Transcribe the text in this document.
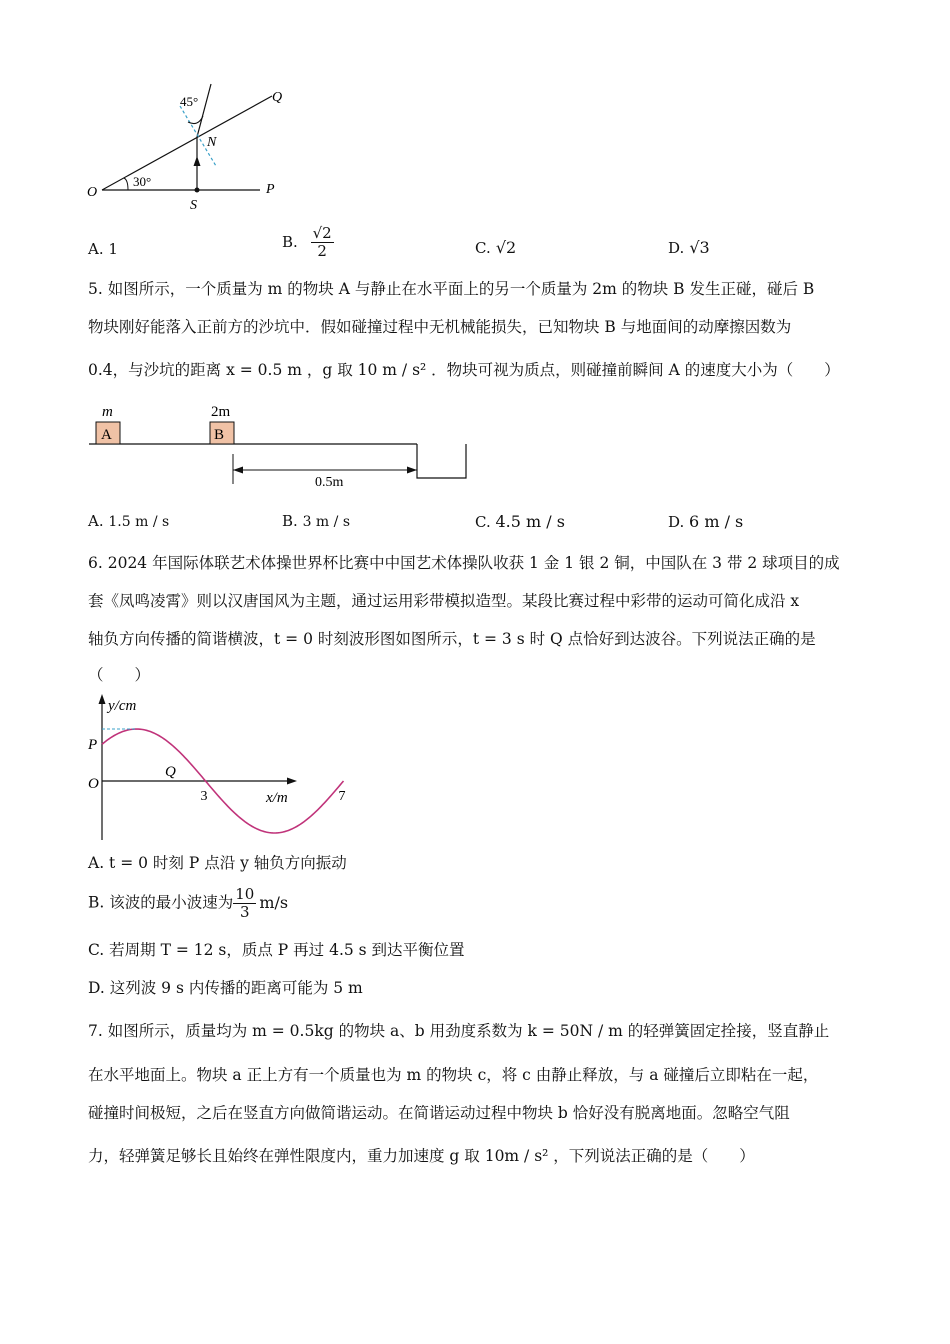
45°
30°
O	P
Q
N
S
A. 1	B. $\frac{√2}{2}$	C. √2	D. √3
5. 如图所示，一个质量为 m 的物块 A 与静止在水平面上的另一个质量为 2m 的物块 B 发生正碰，碰后 B
物块刚好能落入正前方的沙坑中．假如碰撞过程中无机械能损失，已知物块 B 与地面间的动摩擦因数为
0.4，与沙坑的距离 x = 0.5 m ，g 取 10 m / s² ．物块可视为质点，则碰撞前瞬间 A 的速度大小为（　　）
m
A
2m
B
0.5m
A. 1.5 m / s	B. 3 m / s	C. 4.5 m / s	D. 6 m / s
6. 2024 年国际体联艺术体操世界杯比赛中中国艺术体操队收获 1 金 1 银 2 铜，中国队在 3 带 2 球项目的成
套《凤鸣凌霄》则以汉唐国风为主题，通过运用彩带模拟造型。某段比赛过程中彩带的运动可简化成沿 x
轴负方向传播的简谐横波，t = 0 时刻波形图如图所示，t = 3 s 时 Q 点恰好到达波谷。下列说法正确的是
（　　）
y/cm
P
O
Q
3	7
x/m
A. t = 0 时刻 P 点沿 y 轴负方向振动
B. 该波的最小波速为 $\frac{10}{3} m/s$
C. 若周期 T = 12 s，质点 P 再过 4.5 s 到达平衡位置
D. 这列波 9 s 内传播的距离可能为 5 m
7. 如图所示，质量均为 m = 0.5kg 的物块 a、b 用劲度系数为 k = 50N / m 的轻弹簧固定拴接，竖直静止
在水平地面上。物块 a 正上方有一个质量也为 m 的物块 c，将 c 由静止释放，与 a 碰撞后立即粘在一起，
碰撞时间极短，之后在竖直方向做简谐运动。在简谐运动过程中物块 b 恰好没有脱离地面。忽略空气阻
力，轻弹簧足够长且始终在弹性限度内，重力加速度 g 取 10m / s² ，下列说法正确的是（　　）
